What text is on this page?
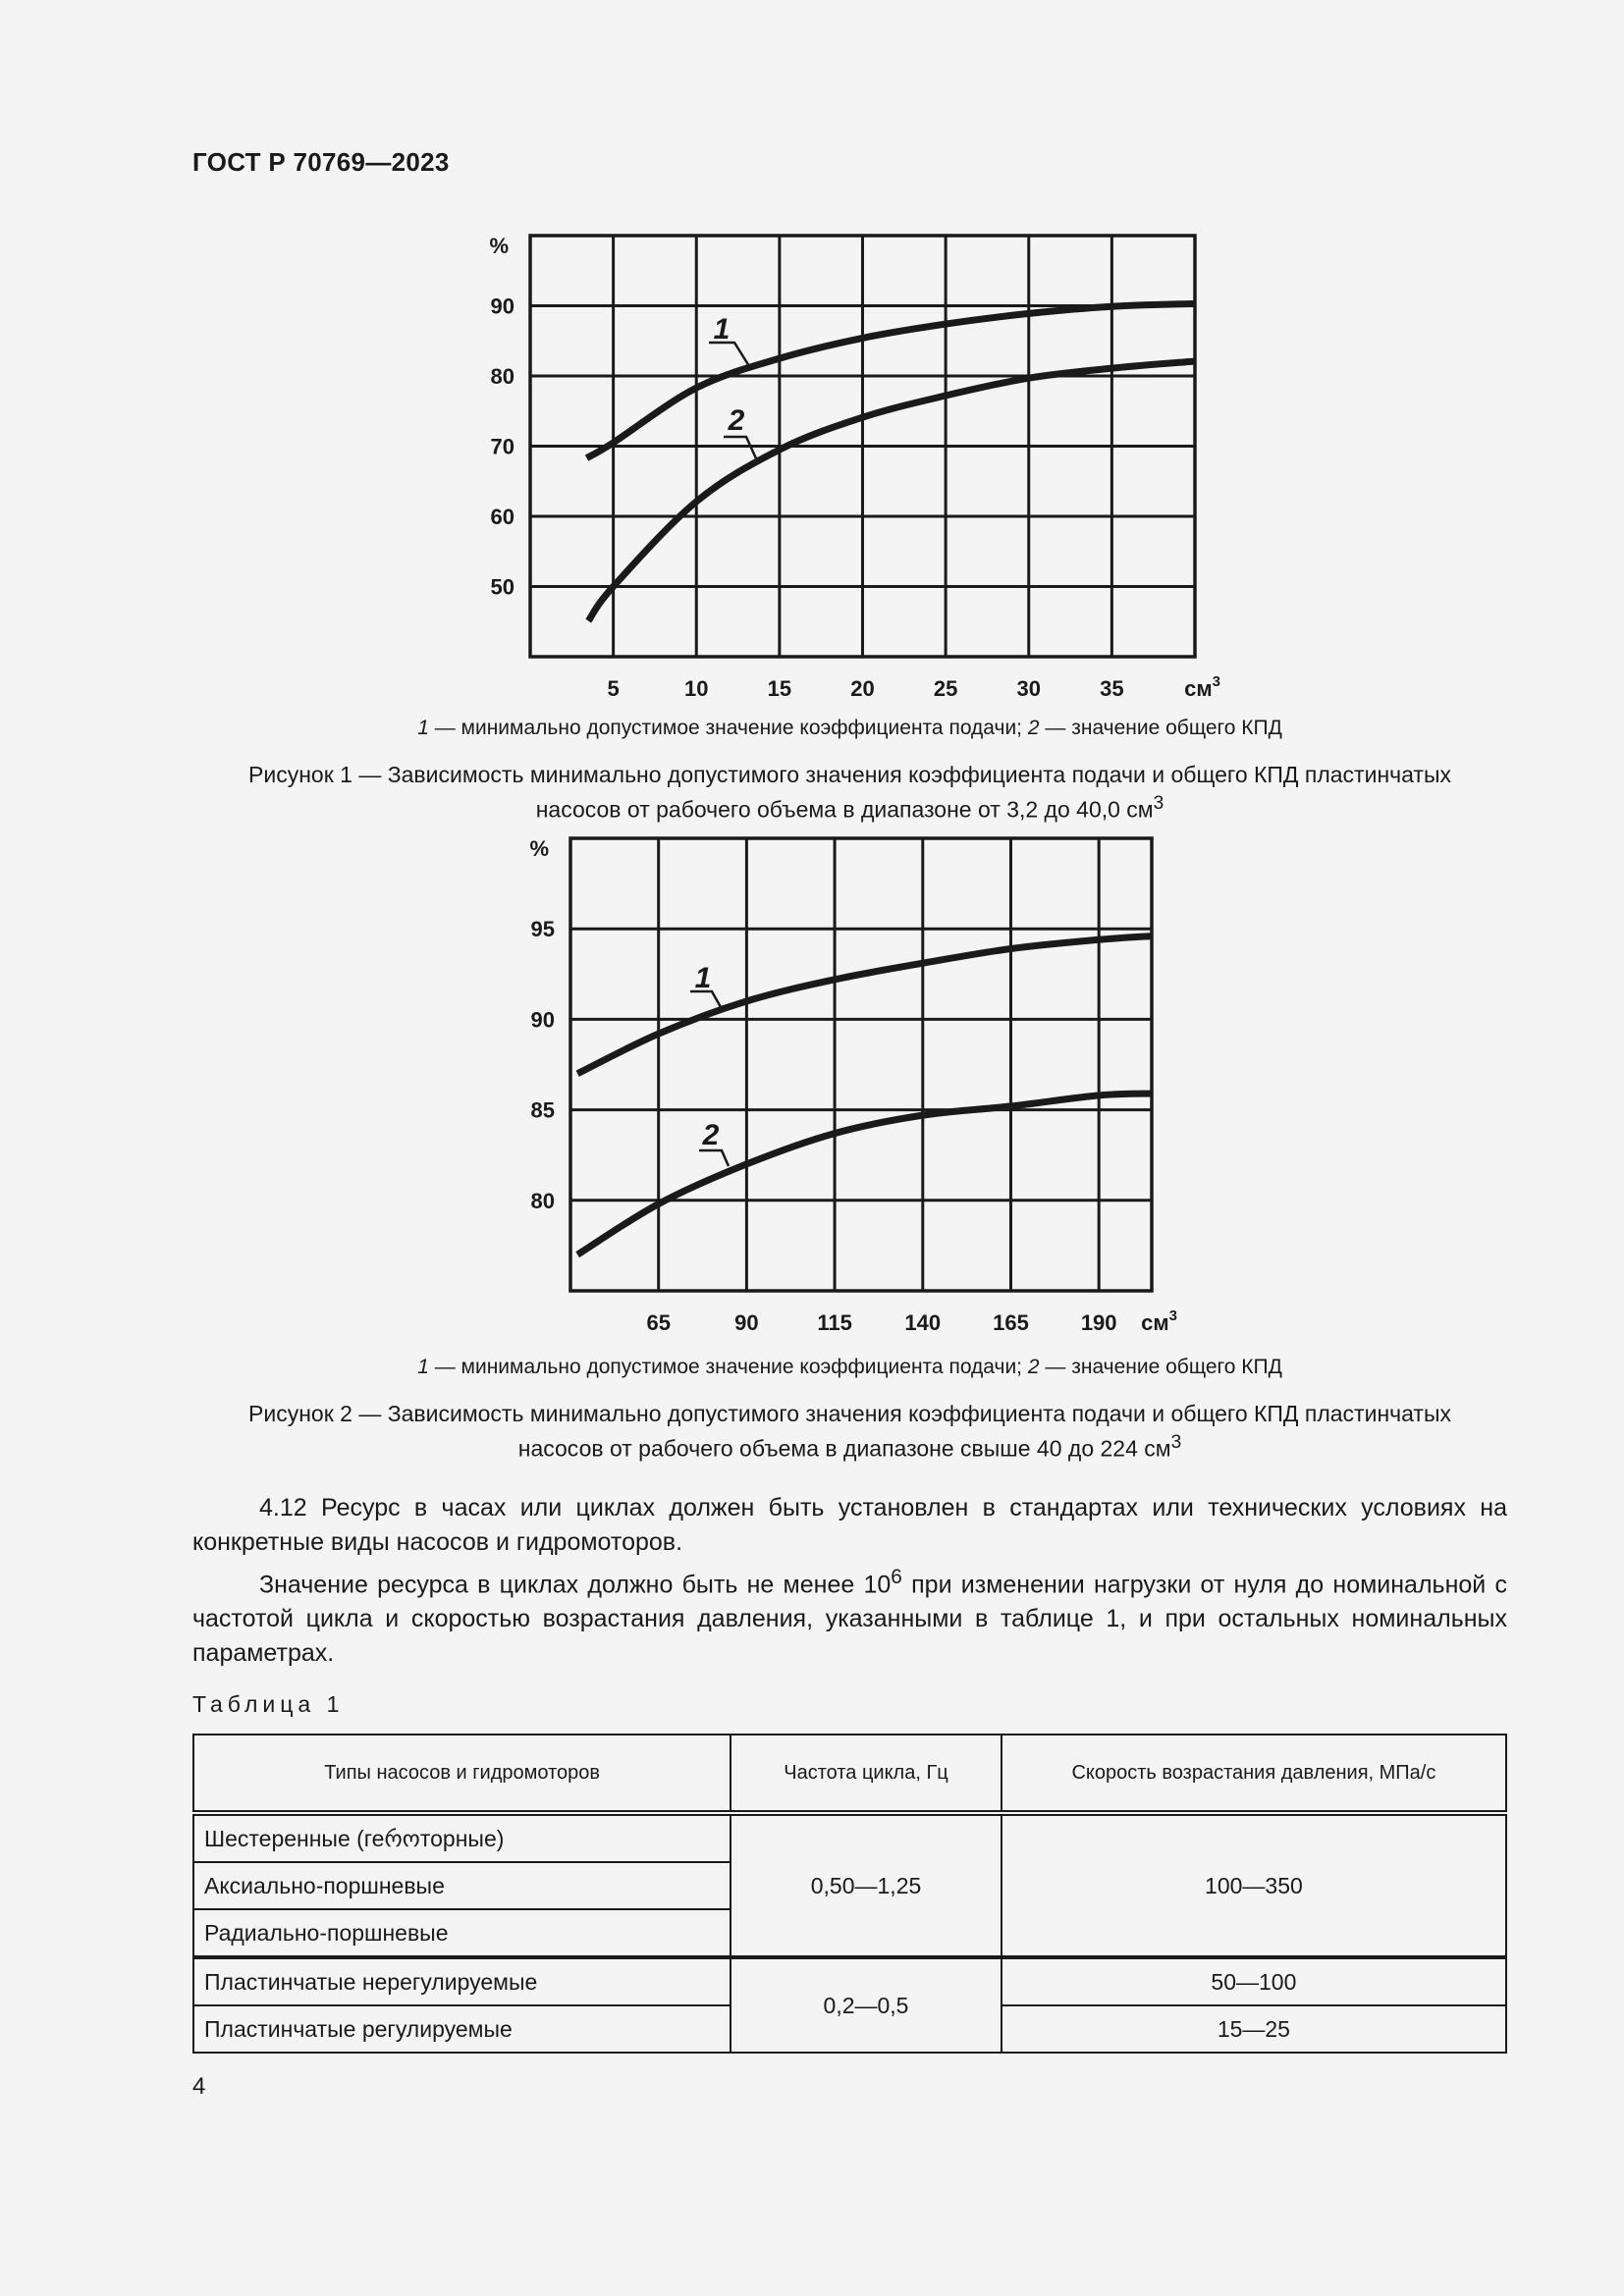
ГОСТ Р 70769—2023
5	10	15	20	25	30	35
50
60
70
80
90
%
$см^3$
1
2
1 — минимально допустимое значение коэффициента подачи; 2 — значение общего КПД
Рисунок 1 — Зависимость минимально допустимого значения коэффициента подачи и общего КПД пластинчатых
насосов от рабочего объема в диапазоне от 3,2 до 40,0 $см^3$
65	90	115 140 165 190
80
85
90
95
%
$см^3$
1
2
1 — минимально допустимое значение коэффициента подачи; 2 — значение общего КПД
Рисунок 2 — Зависимость минимально допустимого значения коэффициента подачи и общего КПД пластинчатых
насосов от рабочего объема в диапазоне свыше 40 до 224 $см^3$
4.12 Ресурс в часах или циклах должен быть установлен в стандартах или технических условиях на конкретные виды насосов и гидромоторов.
Значение ресурса в циклах должно быть не менее $10^6$ при изменении нагрузки от нуля до номинальной с частотой цикла и скоростью возрастания давления, указанными в таблице 1, и при остальных номинальных параметрах.
Таблица 1
Типы насосов и гидромоторов	Частота цикла, Гц	Скорость возрастания давления, МПа/с
Шестеренные (геროторные)	0,50—1,25	100—350
Аксиально-поршневые		
Радиально-поршневые		
Пластинчатые нерегулируемые	0,2—0,5	50—100
Пластинчатые регулируемые		15—25
4
